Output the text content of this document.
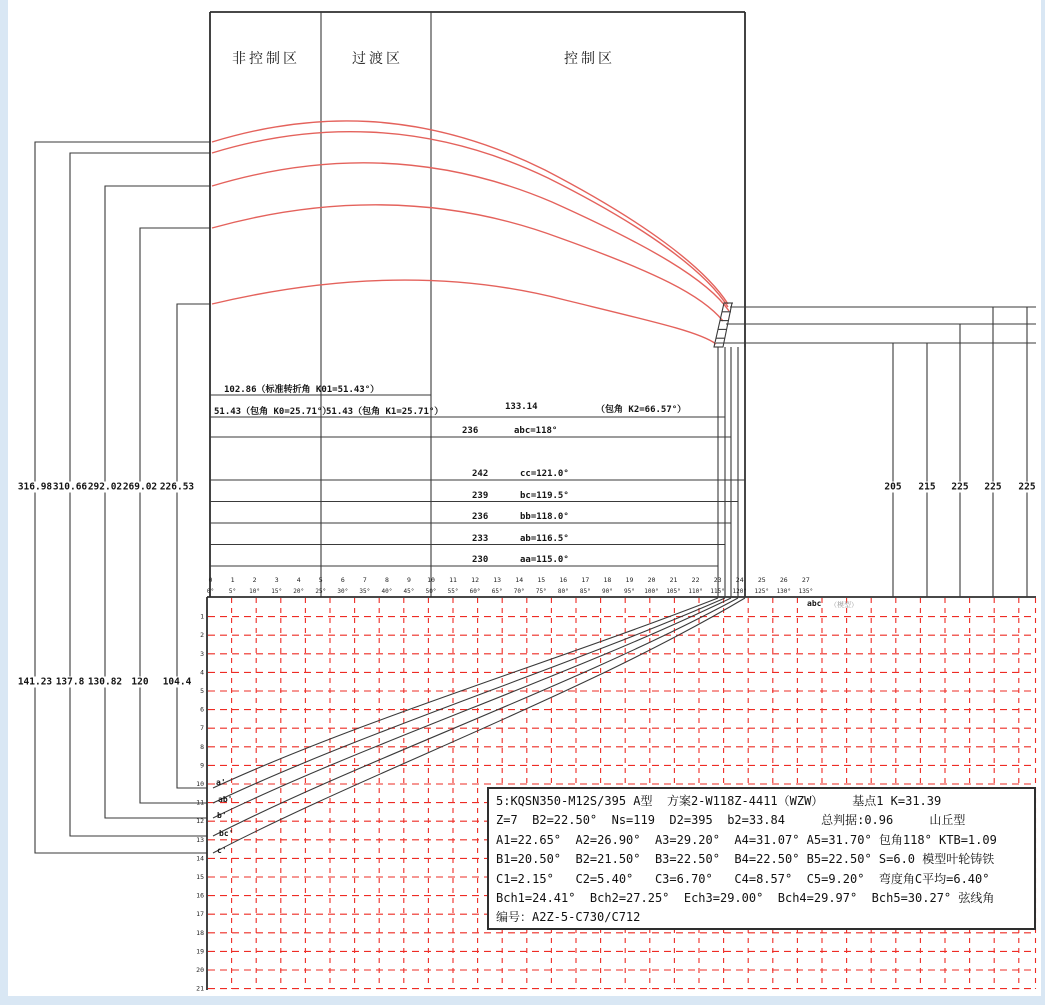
1
2
3
4
5
6
7
8
9
10
11
12
13
14
15
16
17
18
19
20
21
0
0°
1
5°
2
10°
3
15°
4
20°
5
25°
6
30°
7
35°
8
40°
9
45°
10
50°
11
55°
12
60°
13
65°
14
70°
15
75°
16
80°
17
85°
18
90°
19
95°
20
100°
21
105°
22
110°
23
115°
24
120°
25
125°
26
130°
27
135°
非控制区	过渡区	控制区
102.86（标准转折角 K01=51.43°）
51.43（包角 K0=25.71°）
51.43（包角 K1=25.71°）	133.14	（包角 K2=66.57°）
abc （模型）
5:KQSN350-M12S/395 A型  方案2-W118Z-4411（WZW）    基点1 K=31.39
Z=7  B2=22.50°  Ns=119  D2=395  b2=33.84     总判据:0.96     山丘型
A1=22.65°  A2=26.90°  A3=29.20°  A4=31.07° A5=31.70° 包角118° KTB=1.09
B1=20.50°  B2=21.50°  B3=22.50°  B4=22.50° B5=22.50° S=6.0 模型叶轮铸铁
C1=2.15°   C2=5.40°   C3=6.70°   C4=8.57°  C5=9.20°  弯度角C平均=6.40°
Bch1=24.41°  Bch2=27.25°  Ech3=29.00°  Bch4=29.97°  Bch5=30.27° 弦线角
编号：A2Z-5-C730/C712
236	abc=118°
242	cc=121.0°
239	bc=119.5°
236	bb=118.0°
233	ab=116.5°
230	aa=115.0°
316.98 310.66 292.02 269.02 226.53
141.23 137.8 130.82 120 104.4
205 215 225 225 225
a'
ab'
b'
bc'
c'
